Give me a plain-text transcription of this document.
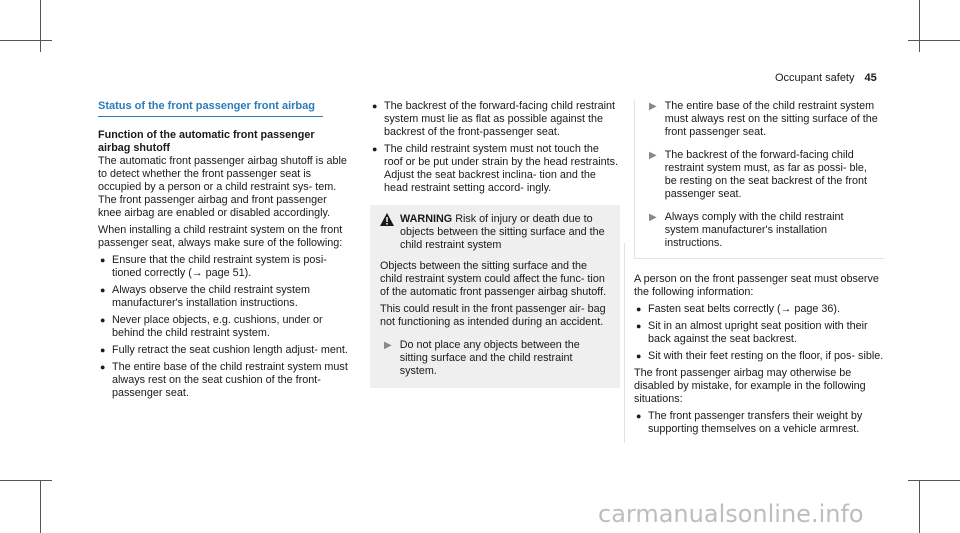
Occupant safety 45
Status of the front passenger front airbag
Function of the automatic front passenger airbag shutoff

The automatic front passenger airbag shutoff is able to detect whether the front passenger seat is occupied by a person or a child restraint sys- tem. The front passenger airbag and front passenger knee airbag are enabled or disabled accordingly.

When installing a child restraint system on the front passenger seat, always make sure of the following:

● Ensure that the child restraint system is posi- tioned correctly (→ page 51).
● Always observe the child restraint system manufacturer's installation instructions.
● Never place objects, e.g. cushions, under or behind the child restraint system.
● Fully retract the seat cushion length adjust- ment.
● The entire base of the child restraint system must always rest on the seat cushion of the front-passenger seat.
● The backrest of the forward-facing child restraint system must lie as flat as possible against the backrest of the front-passenger seat.
● The child restraint system must not touch the roof or be put under strain by the head restraints. Adjust the seat backrest inclina- tion and the head restraint setting accord- ingly.
WARNING Risk of injury or death due to objects between the sitting surface and the child restraint system

Objects between the sitting surface and the child restraint system could affect the func- tion of the automatic front passenger airbag shutoff.

This could result in the front passenger air- bag not functioning as intended during an accident.

▶ Do not place any objects between the sitting surface and the child restraint system.
▶ The entire base of the child restraint system must always rest on the sitting surface of the front passenger seat.
▶ The backrest of the forward-facing child restraint system must, as far as possi- ble, be resting on the seat backrest of the front passenger seat.
▶ Always comply with the child restraint system manufacturer's installation instructions.

A person on the front passenger seat must observe the following information:

● Fasten seat belts correctly (→ page 36).
● Sit in an almost upright seat position with their back against the seat backrest.
● Sit with their feet resting on the floor, if pos- sible.

The front passenger airbag may otherwise be disabled by mistake, for example in the following situations:

● The front passenger transfers their weight by supporting themselves on a vehicle armrest.
carmanualsonline.info
